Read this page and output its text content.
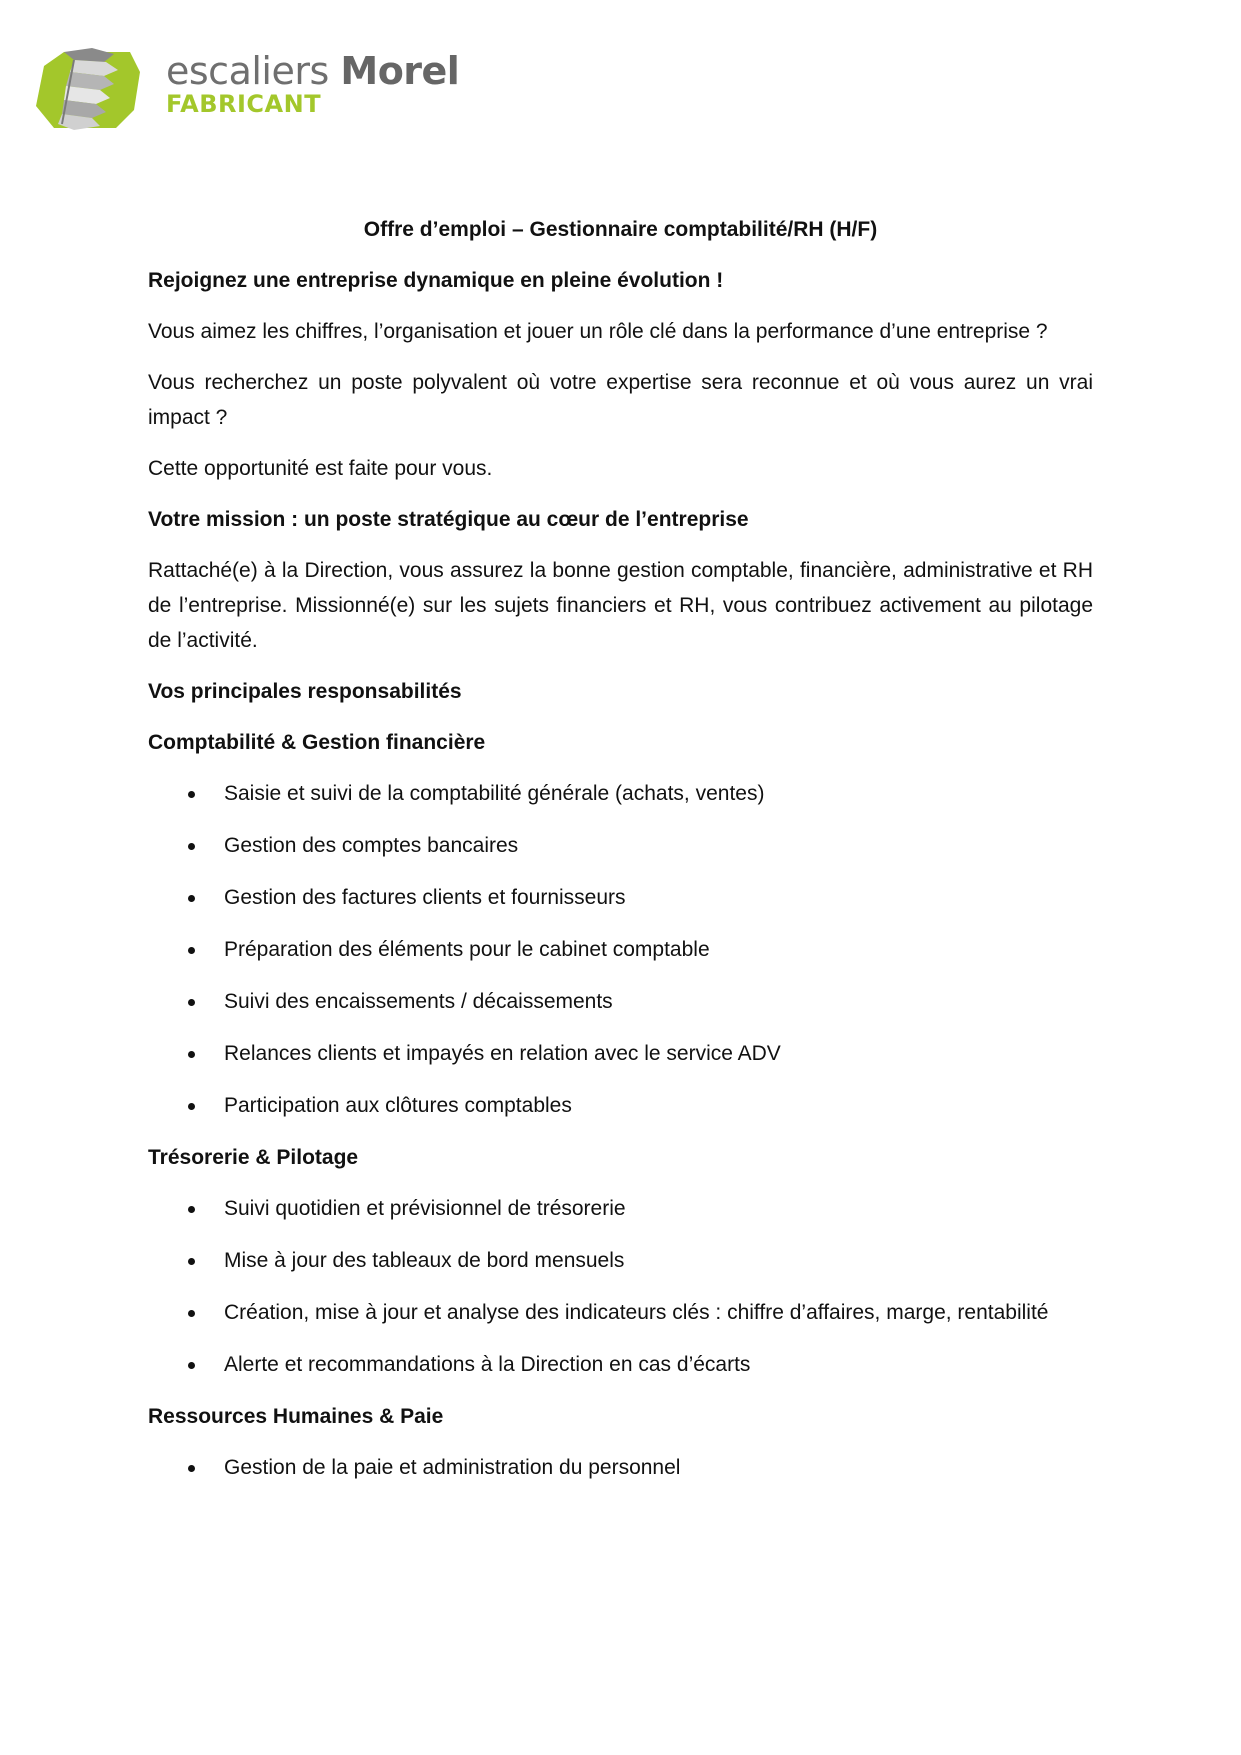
escaliers Morel
FABRICANT
Offre d’emploi – Gestionnaire comptabilité/RH (H/F)
Rejoignez une entreprise dynamique en pleine évolution !

Vous aimez les chiffres, l’organisation et jouer un rôle clé dans la performance d’une entreprise ?

Vous recherchez un poste polyvalent où votre expertise sera reconnue et où vous aurez un vrai impact ?

Cette opportunité est faite pour vous.

Votre mission : un poste stratégique au cœur de l’entreprise

Rattaché(e) à la Direction, vous assurez la bonne gestion comptable, financière, administrative et RH de l’entreprise. Missionné(e) sur les sujets financiers et RH, vous contribuez activement au pilotage de l’activité.

Vos principales responsabilités
Comptabilité & Gestion financière
Saisie et suivi de la comptabilité générale (achats, ventes)
Gestion des comptes bancaires
Gestion des factures clients et fournisseurs
Préparation des éléments pour le cabinet comptable
Suivi des encaissements / décaissements
Relances clients et impayés en relation avec le service ADV
Participation aux clôtures comptables
Trésorerie & Pilotage
Suivi quotidien et prévisionnel de trésorerie
Mise à jour des tableaux de bord mensuels
Création, mise à jour et analyse des indicateurs clés : chiffre d’affaires, marge, rentabilité
Alerte et recommandations à la Direction en cas d’écarts
Ressources Humaines & Paie
Gestion de la paie et administration du personnel
